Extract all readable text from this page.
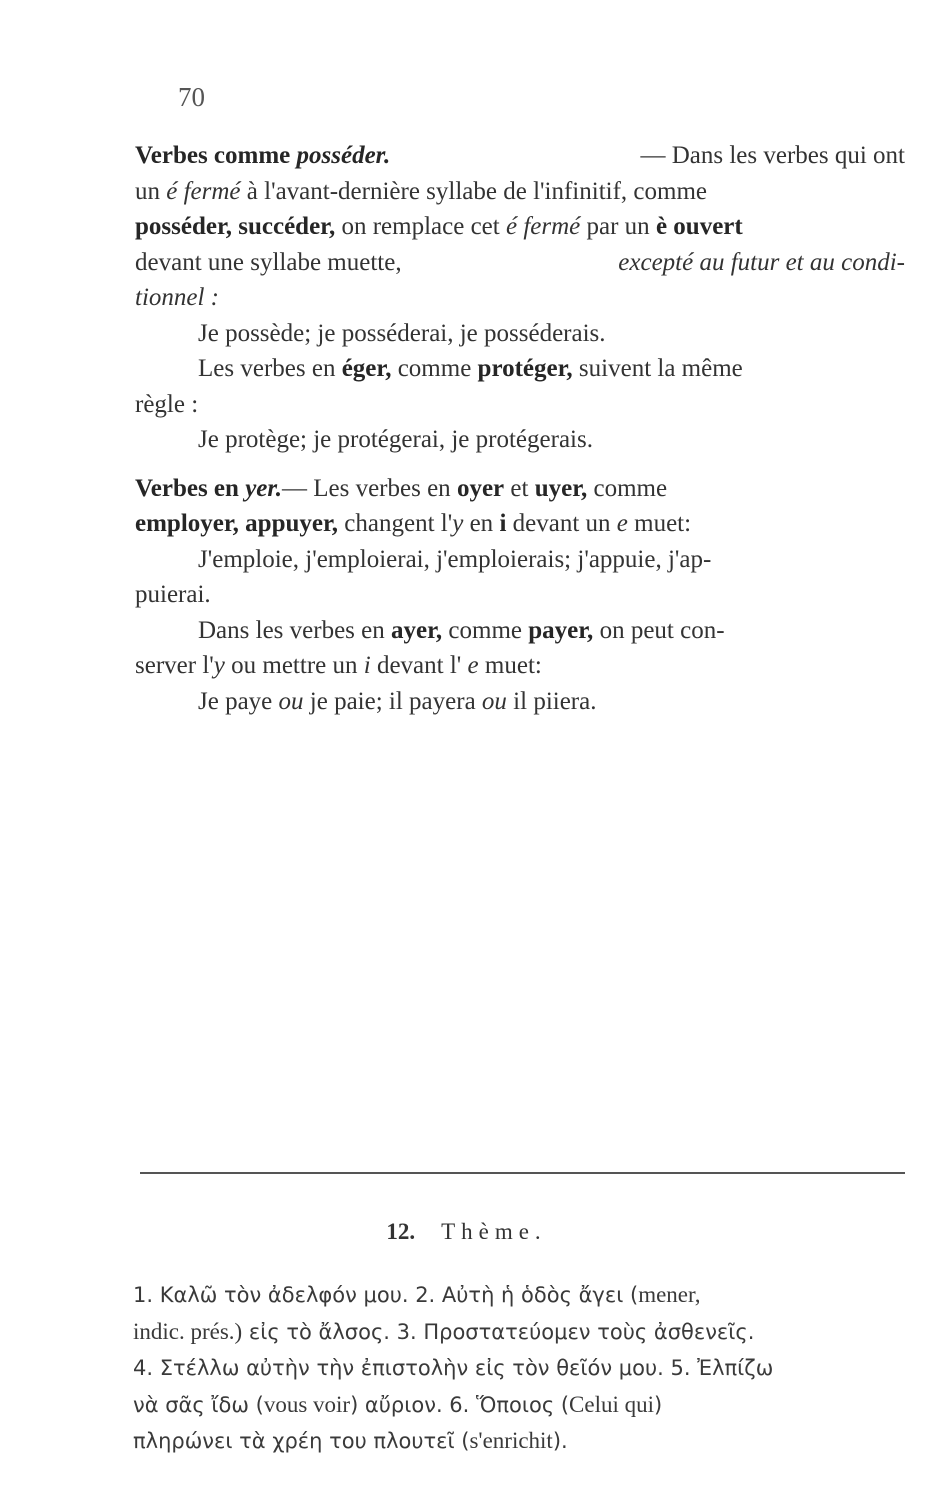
70
Verbes comme posséder.	— Dans les verbes qui ont
un é fermé à l'avant-dernière syllabe de l'infinitif, comme
posséder, succéder, on remplace cet é fermé par un è ouvert
devant une syllabe muette,	excepté au futur et au condi-
tionnel :
Je possède; je posséderai, je posséderais.
Les verbes en éger, comme protéger, suivent la même
règle :
Je protège; je protégerai, je protégerais.
Verbes en yer.— Les verbes en oyer et uyer, comme
employer, appuyer, changent l'y en i devant un e muet:
J'emploie, j'emploierai, j'emploierais; j'appuie, j'ap-
puierai.
Dans les verbes en ayer, comme payer, on peut con-
server l'y ou mettre un i devant l' e muet:
Je paye ou je paie; il payera ou il piiera.
12. Thème.
1. Καλῶ τὸν ἀδελφόν μου. 2. Αὐτὴ ἡ ὁδὸς ἄγει (mener,
indic. prés.) εἰς τὸ ἄλσος. 3. Προστατεύομεν τοὺς ἀσθενεῖς.
4. Στέλλω αὐτὴν τὴν ἐπιστολὴν εἰς τὸν θεῖόν μου. 5. Ἐλπίζω
νὰ σᾶς ἴδω (vous voir) αὔριον. 6. Ὅποιος (Celui qui)
πληρώνει τὰ χρέη του πλουτεῖ (s'enrichit).
